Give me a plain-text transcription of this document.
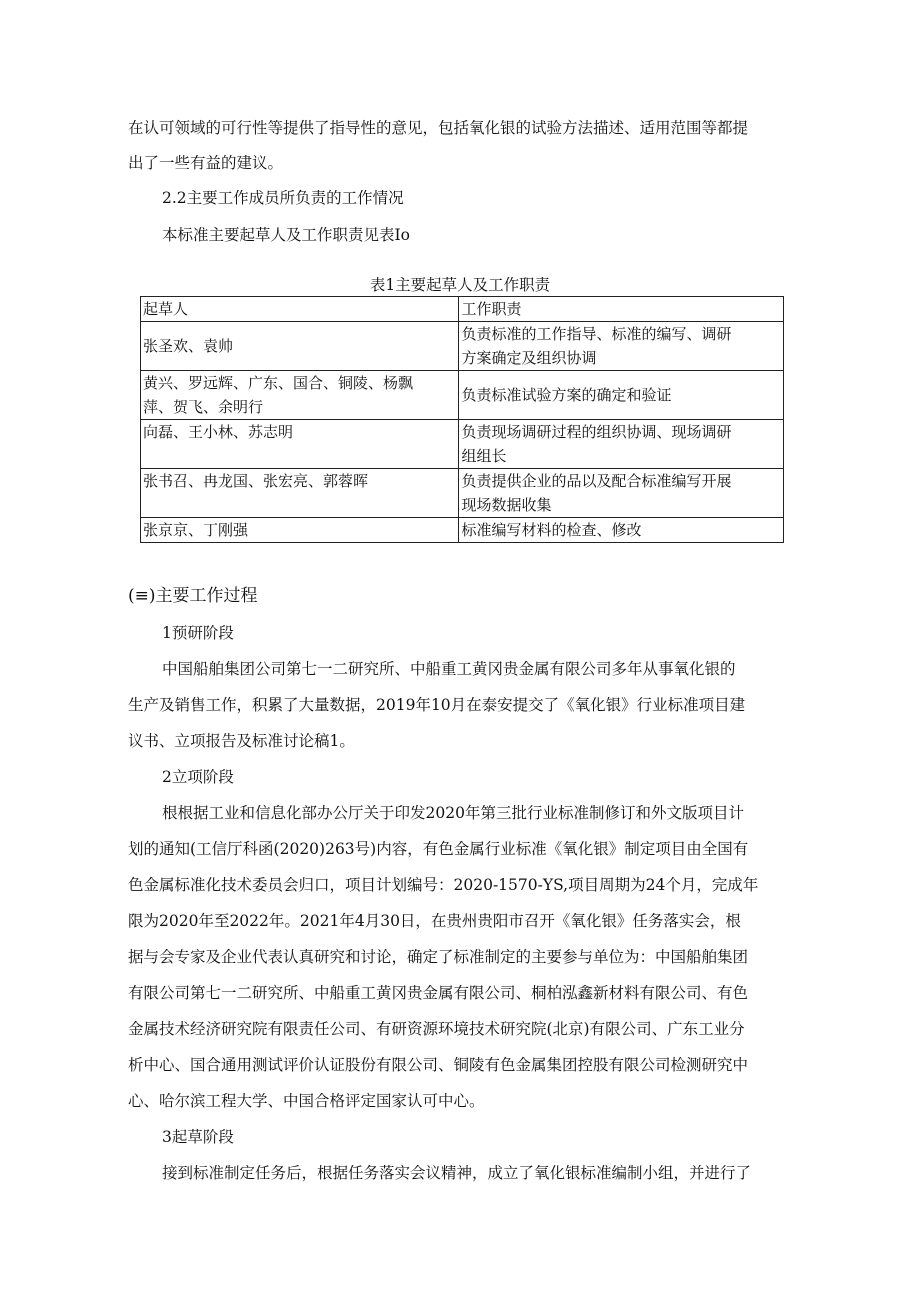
在认可领域的可行性等提供了指导性的意见，包括氧化银的试验方法描述、适用范围等都提
出了一些有益的建议。
2.2主要工作成员所负责的工作情况
本标准主要起草人及工作职责见表Io
表1主要起草人及工作职责
起草人	工作职责

张圣欢、袁帅	负责标准的工作指导、标准的编写、调研
方案确定及组织协调

黄兴、罗远辉、广东、国合、铜陵、杨飘
萍、贺飞、余明行	负责标准试验方案的确定和验证

向磊、王小林、苏志明	负责现场调研过程的组织协调、现场调研
组组长

张书召、冉龙国、张宏亮、郭蓉晖	负责提供企业的品以及配合标准编写开展
现场数据收集

张京京、丁刚强	标准编写材料的检查、修改
(≡)主要工作过程
1预研阶段
中国船舶集团公司第七一二研究所、中船重工黄冈贵金属有限公司多年从事氧化银的
生产及销售工作，积累了大量数据，2019年10月在泰安提交了《氧化银》行业标准项目建
议书、立项报告及标准讨论稿1。
2立项阶段
根根据工业和信息化部办公厅关于印发2020年第三批行业标准制修订和外文版项目计
划的通知(工信厅科函(2020)263号)内容，有色金属行业标准《氧化银》制定项目由全国有
色金属标准化技术委员会归口，项目计划编号：2020-1570-YS,项目周期为24个月，完成年
限为2020年至2022年。2021年4月30日，在贵州贵阳市召开《氧化银》任务落实会，根
据与会专家及企业代表认真研究和讨论，确定了标准制定的主要参与单位为：中国船舶集团
有限公司第七一二研究所、中船重工黄冈贵金属有限公司、桐柏泓鑫新材料有限公司、有色
金属技术经济研究院有限责任公司、有研资源环境技术研究院(北京)有限公司、广东工业分
析中心、国合通用测试评价认证股份有限公司、铜陵有色金属集团控股有限公司检测研究中
心、哈尔滨工程大学、中国合格评定国家认可中心。
3起草阶段
接到标准制定任务后，根据任务落实会议精神，成立了氧化银标准编制小组，并进行了
